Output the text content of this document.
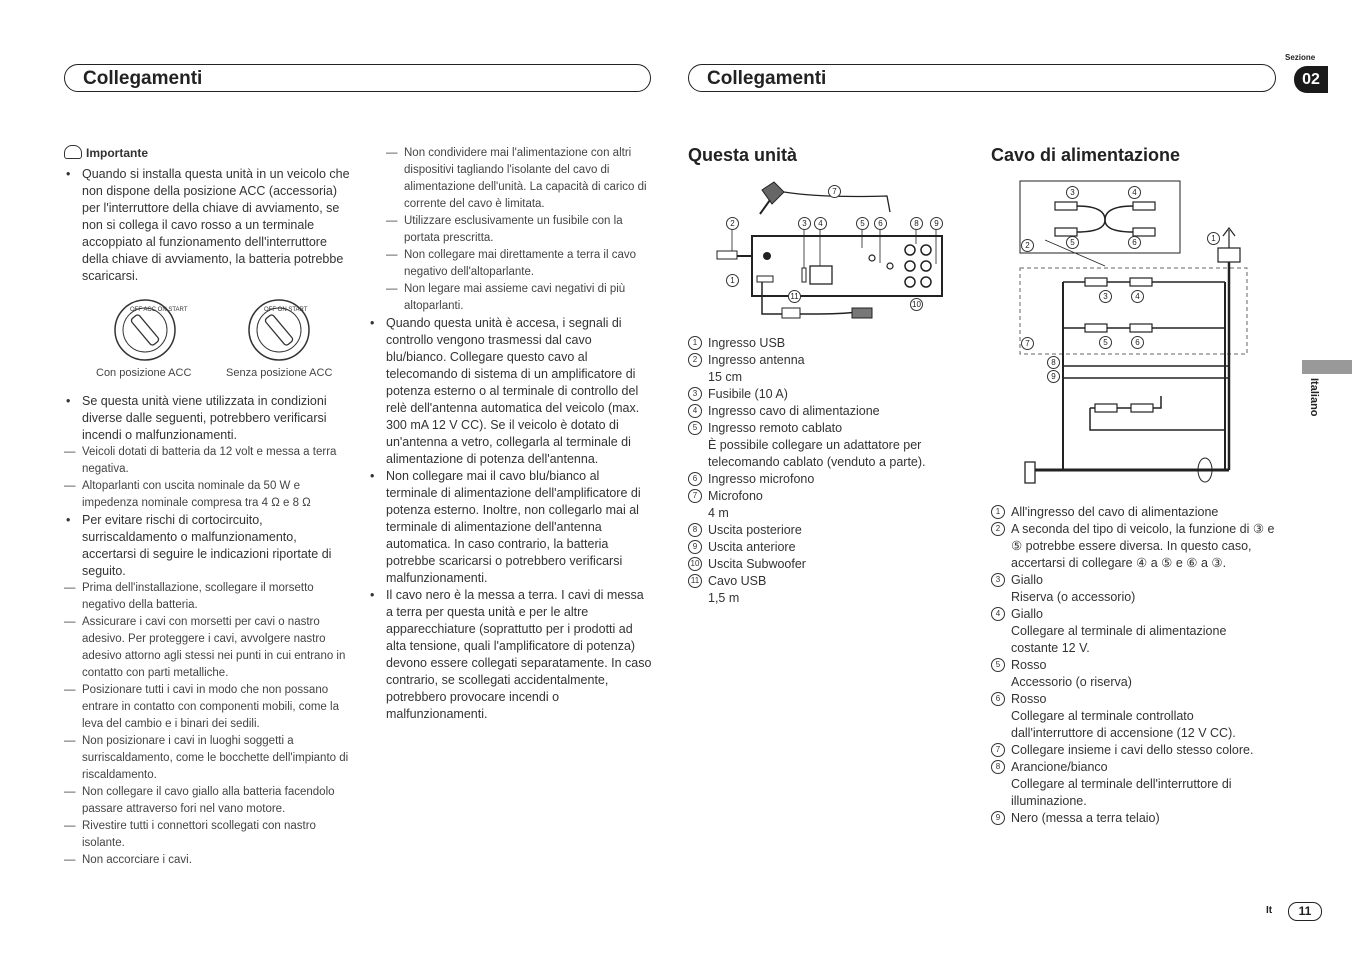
Collegamenti	Collegamenti
Sezione
02
Italiano
Importante
• Quando si installa questa unità in un veicolo che non dispone della posizione ACC (accessoria) per l'interruttore della chiave di avviamento, se non si collega il cavo rosso a un terminale accoppiato al funzionamento dell'interruttore della chiave di avviamento, la batteria potrebbe scaricarsi.
OFF ACC ON START	OFF ON START
Con posizione ACC	Senza posizione ACC
• Se questa unità viene utilizzata in condizioni diverse dalle seguenti, potrebbero verificarsi incendi o malfunzionamenti.
— Veicoli dotati di batteria da 12 volt e messa a terra negativa.
— Altoparlanti con uscita nominale da 50 W e impedenza nominale compresa tra 4 Ω e 8 Ω
• Per evitare rischi di cortocircuito, surriscaldamento o malfunzionamento, accertarsi di seguire le indicazioni riportate di seguito.
— Prima dell'installazione, scollegare il morsetto negativo della batteria.
— Assicurare i cavi con morsetti per cavi o nastro adesivo. Per proteggere i cavi, avvolgere nastro adesivo attorno agli stessi nei punti in cui entrano in contatto con parti metalliche.
— Posizionare tutti i cavi in modo che non possano entrare in contatto con componenti mobili, come la leva del cambio e i binari dei sedili.
— Non posizionare i cavi in luoghi soggetti a surriscaldamento, come le bocchette dell'impianto di riscaldamento.
— Non collegare il cavo giallo alla batteria facendolo passare attraverso fori nel vano motore.
— Rivestire tutti i connettori scollegati con nastro isolante.
— Non accorciare i cavi.
— Non condividere mai l'alimentazione con altri dispositivi tagliando l'isolante del cavo di alimentazione dell'unità. La capacità di carico di corrente del cavo è limitata.
— Utilizzare esclusivamente un fusibile con la portata prescritta.
— Non collegare mai direttamente a terra il cavo negativo dell'altoparlante.
— Non legare mai assieme cavi negativi di più altoparlanti.
• Quando questa unità è accesa, i segnali di controllo vengono trasmessi dal cavo blu/bianco. Collegare questo cavo al telecomando di sistema di un amplificatore di potenza esterno o al terminale di controllo del relè dell'antenna automatica del veicolo (max. 300 mA 12 V CC). Se il veicolo è dotato di un'antenna a vetro, collegarla al terminale di alimentazione di potenza dell'antenna.
• Non collegare mai il cavo blu/bianco al terminale di alimentazione dell'amplificatore di potenza esterno. Inoltre, non collegarlo mai al terminale di alimentazione dell'antenna automatica. In caso contrario, la batteria potrebbe scaricarsi o potrebbero verificarsi malfunzionamenti.
• Il cavo nero è la messa a terra. I cavi di messa a terra per questa unità e per le altre apparecchiature (soprattutto per i prodotti ad alta tensione, quali l'amplificatore di potenza) devono essere collegati separatamente. In caso contrario, se scollegati accidentalmente, potrebbero provocare incendi o malfunzionamenti.
Questa unità
7
2	3	4	5	6	8	9
1
11
10
1 Ingresso USB
2 Ingresso antenna
15 cm
3 Fusibile (10 A)
4 Ingresso cavo di alimentazione
5 Ingresso remoto cablato
È possibile collegare un adattatore per telecomando cablato (venduto a parte).
6 Ingresso microfono
7 Microfono
4 m
8 Uscita posteriore
9 Uscita anteriore
10 Uscita Subwoofer
11 Cavo USB
1,5 m
Cavo di alimentazione
3	4
2	5	6	1
3	4
5	6
7
8
9
1 All'ingresso del cavo di alimentazione
2 A seconda del tipo di veicolo, la funzione di ③ e ⑤ potrebbe essere diversa. In questo caso, accertarsi di collegare ④ a ⑤ e ⑥ a ③.
3 Giallo
Riserva (o accessorio)
4 Giallo
Collegare al terminale di alimentazione costante 12 V.
5 Rosso
Accessorio (o riserva)
6 Rosso
Collegare al terminale controllato dall'interruttore di accensione (12 V CC).
7 Collegare insieme i cavi dello stesso colore.
8 Arancione/bianco
Collegare al terminale dell'interruttore di illuminazione.
9 Nero (messa a terra telaio)
It	11
